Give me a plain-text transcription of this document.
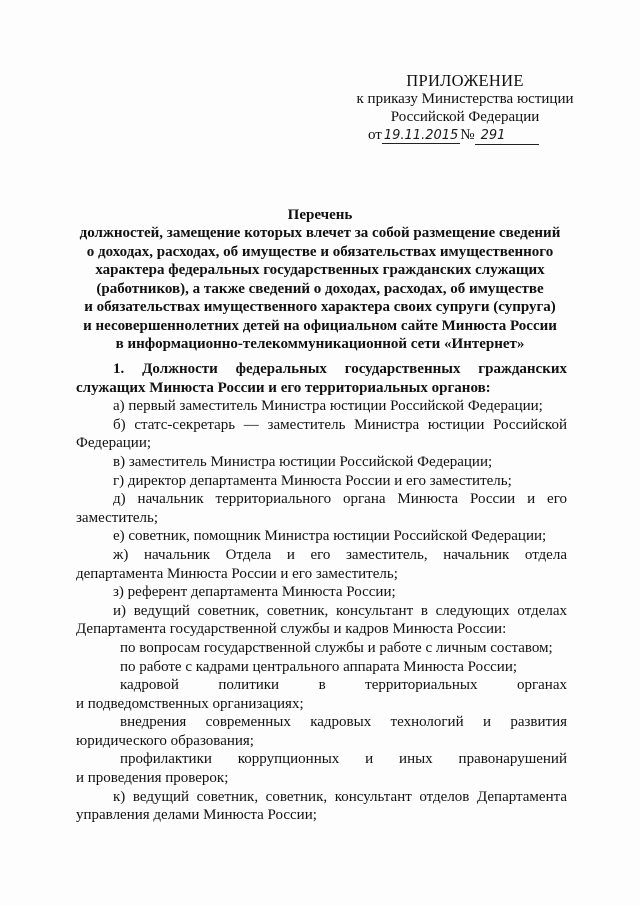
ПРИЛОЖЕНИЕ
к приказу Министерства юстиции
Российской Федерации
от 19.11.2015 № 291
Перечень
должностей, замещение которых влечет за собой размещение сведений
о доходах, расходах, об имуществе и обязательствах имущественного
характера федеральных государственных гражданских служащих
(работников), а также сведений о доходах, расходах, об имуществе
и обязательствах имущественного характера своих супруги (супруга)
и несовершеннолетних детей на официальном сайте Минюста России
в информационно-телекоммуникационной сети «Интернет»
1. Должности федеральных государственных гражданских
служащих Минюста России и его территориальных органов:
а) первый заместитель Министра юстиции Российской Федерации;
б) статс-секретарь — заместитель Министра юстиции Российской
Федерации;
в) заместитель Министра юстиции Российской Федерации;
г) директор департамента Минюста России и его заместитель;
д) начальник территориального органа Минюста России и его
заместитель;
е) советник, помощник Министра юстиции Российской Федерации;
ж) начальник Отдела и его заместитель, начальник отдела
департамента Минюста России и его заместитель;
з) референт департамента Минюста России;
и) ведущий советник, советник, консультант в следующих отделах
Департамента государственной службы и кадров Минюста России:
по вопросам государственной службы и работе с личным составом;
по работе с кадрами центрального аппарата Минюста России;
кадровой политики в территориальных органах
и подведомственных организациях;
внедрения современных кадровых технологий и развития
юридического образования;
профилактики коррупционных и иных правонарушений
и проведения проверок;
к) ведущий советник, советник, консультант отделов Департамента
управления делами Минюста России;
